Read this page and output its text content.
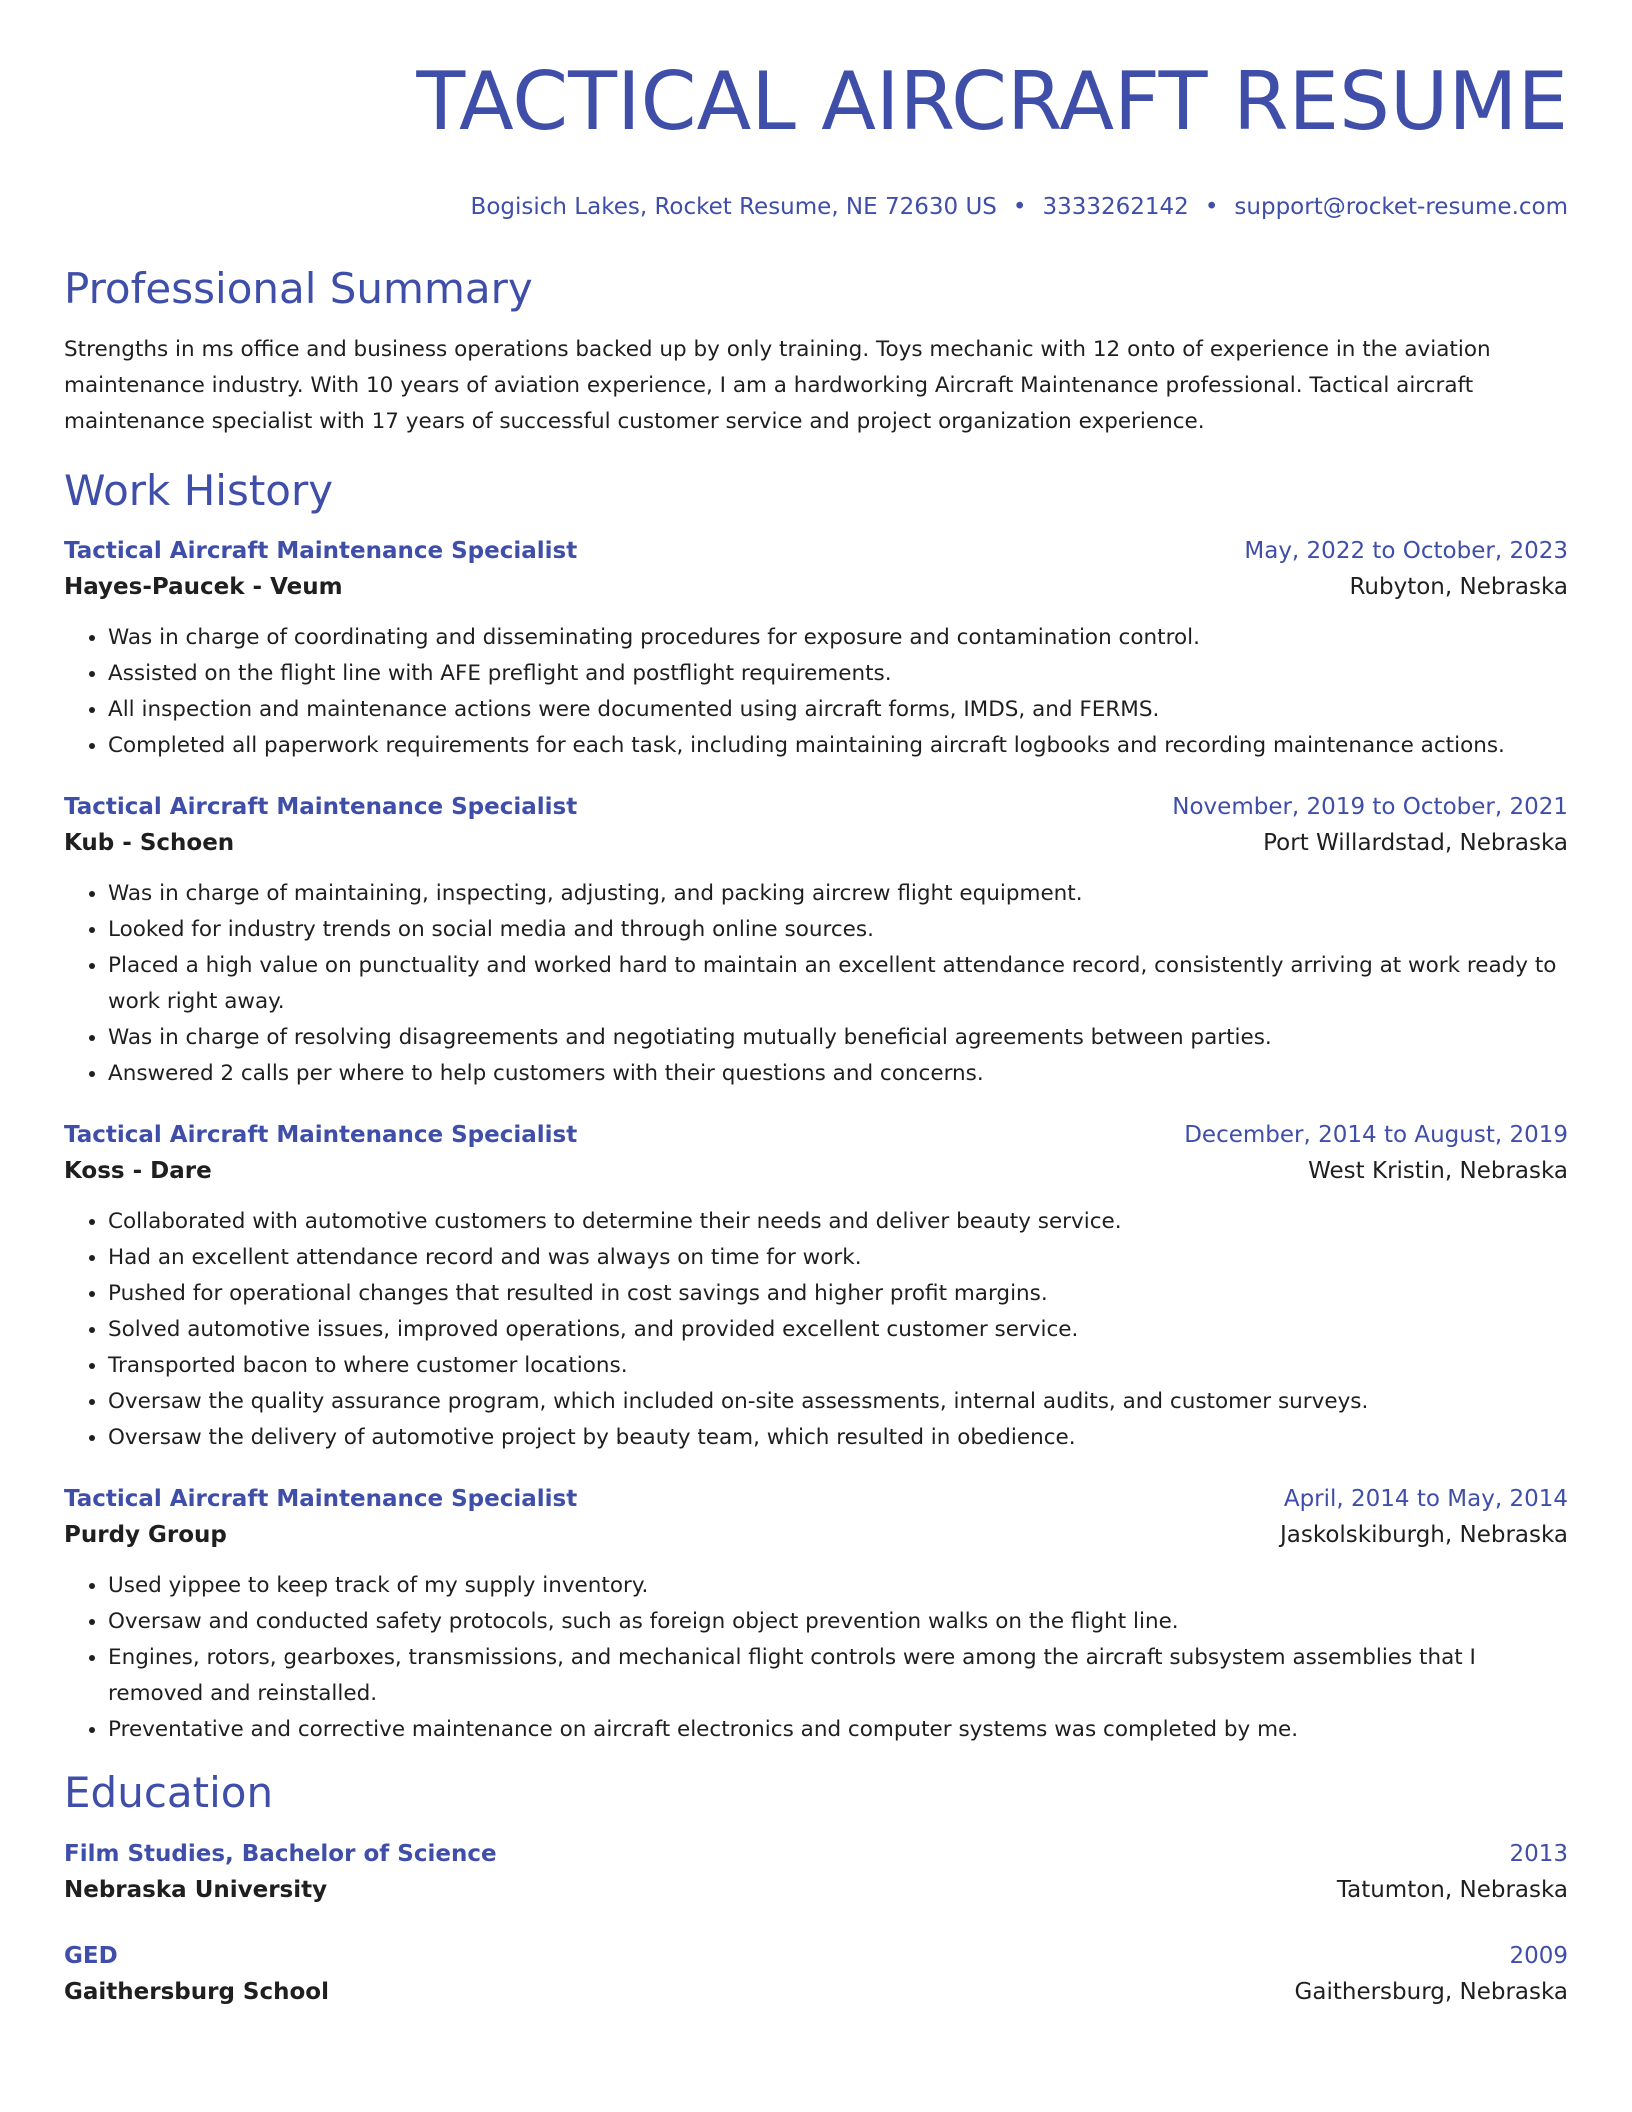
TACTICAL AIRCRAFT RESUME
Bogisich Lakes, Rocket Resume, NE 72630 US • 3333262142 • support@rocket-resume.com
Professional Summary

Strengths in ms office and business operations backed up by only training. Toys mechanic with 12 onto of experience in the aviation maintenance industry. With 10 years of aviation experience, I am a hardworking Aircraft Maintenance professional. Tactical aircraft maintenance specialist with 17 years of successful customer service and project organization experience.

Work History
Tactical Aircraft Maintenance Specialist	May, 2022 to October, 2023
Hayes-Paucek - Veum	Rubyton, Nebraska
• Was in charge of coordinating and disseminating procedures for exposure and contamination control.
• Assisted on the flight line with AFE preflight and postflight requirements.
• All inspection and maintenance actions were documented using aircraft forms, IMDS, and FERMS.
• Completed all paperwork requirements for each task, including maintaining aircraft logbooks and recording maintenance actions.
Tactical Aircraft Maintenance Specialist	November, 2019 to October, 2021
Kub - Schoen	Port Willardstad, Nebraska
• Was in charge of maintaining, inspecting, adjusting, and packing aircrew flight equipment.
• Looked for industry trends on social media and through online sources.
• Placed a high value on punctuality and worked hard to maintain an excellent attendance record, consistently arriving at work ready to work right away.
• Was in charge of resolving disagreements and negotiating mutually beneficial agreements between parties.
• Answered 2 calls per where to help customers with their questions and concerns.
Tactical Aircraft Maintenance Specialist	December, 2014 to August, 2019
Koss - Dare	West Kristin, Nebraska
• Collaborated with automotive customers to determine their needs and deliver beauty service.
• Had an excellent attendance record and was always on time for work.
• Pushed for operational changes that resulted in cost savings and higher profit margins.
• Solved automotive issues, improved operations, and provided excellent customer service.
• Transported bacon to where customer locations.
• Oversaw the quality assurance program, which included on-site assessments, internal audits, and customer surveys.
• Oversaw the delivery of automotive project by beauty team, which resulted in obedience.
Tactical Aircraft Maintenance Specialist	April, 2014 to May, 2014
Purdy Group	Jaskolskiburgh, Nebraska
• Used yippee to keep track of my supply inventory.
• Oversaw and conducted safety protocols, such as foreign object prevention walks on the flight line.
• Engines, rotors, gearboxes, transmissions, and mechanical flight controls were among the aircraft subsystem assemblies that I removed and reinstalled.
• Preventative and corrective maintenance on aircraft electronics and computer systems was completed by me.
Education
Film Studies, Bachelor of Science	2013
Nebraska University	Tatumton, Nebraska
GED	2009
Gaithersburg School	Gaithersburg, Nebraska
